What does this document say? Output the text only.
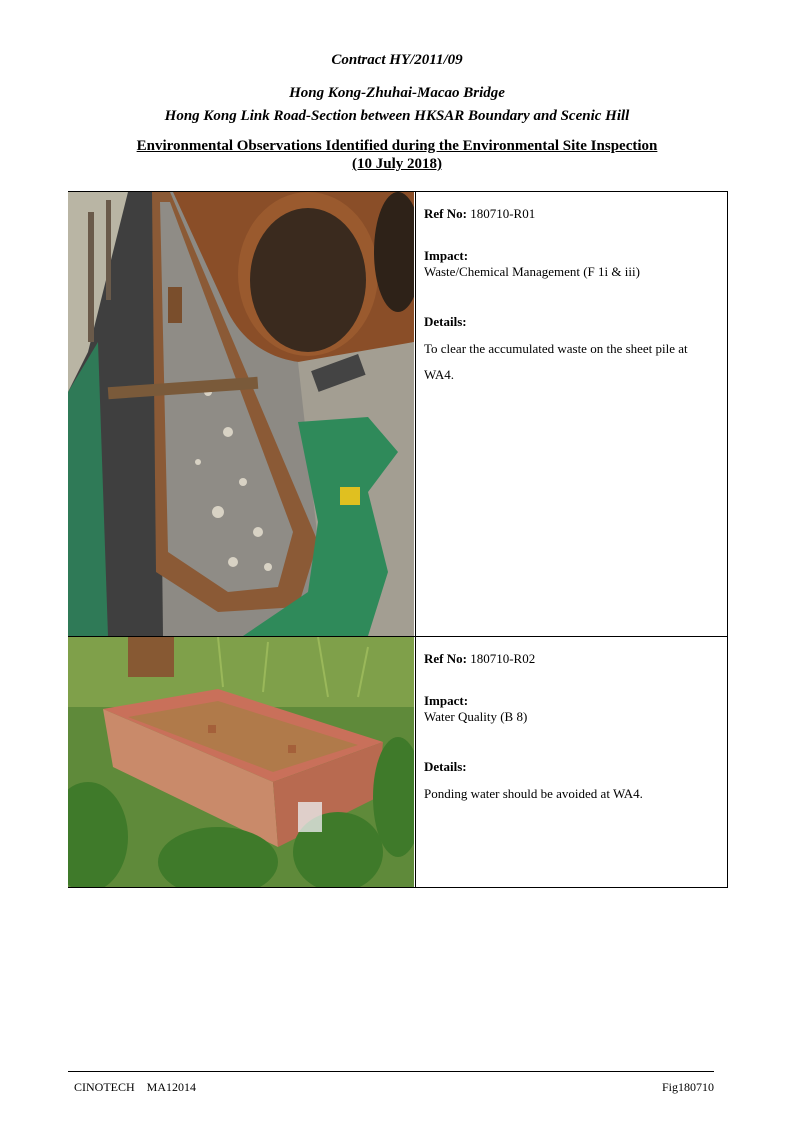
Contract HY/2011/09
Hong Kong-Zhuhai-Macao Bridge
Hong Kong Link Road-Section between HKSAR Boundary and Scenic Hill
Environmental Observations Identified during the Environmental Site Inspection
(10 July 2018)

Ref No: 180710-R01
Impact:
Waste/Chemical Management (F 1i & iii)
Details:
To clear the accumulated waste on the sheet pile at WA4.

Ref No: 180710-R02
Impact:
Water Quality (B 8)
Details:
Ponding water should be avoided at WA4.
CINOTECH    MA12014	Fig180710
